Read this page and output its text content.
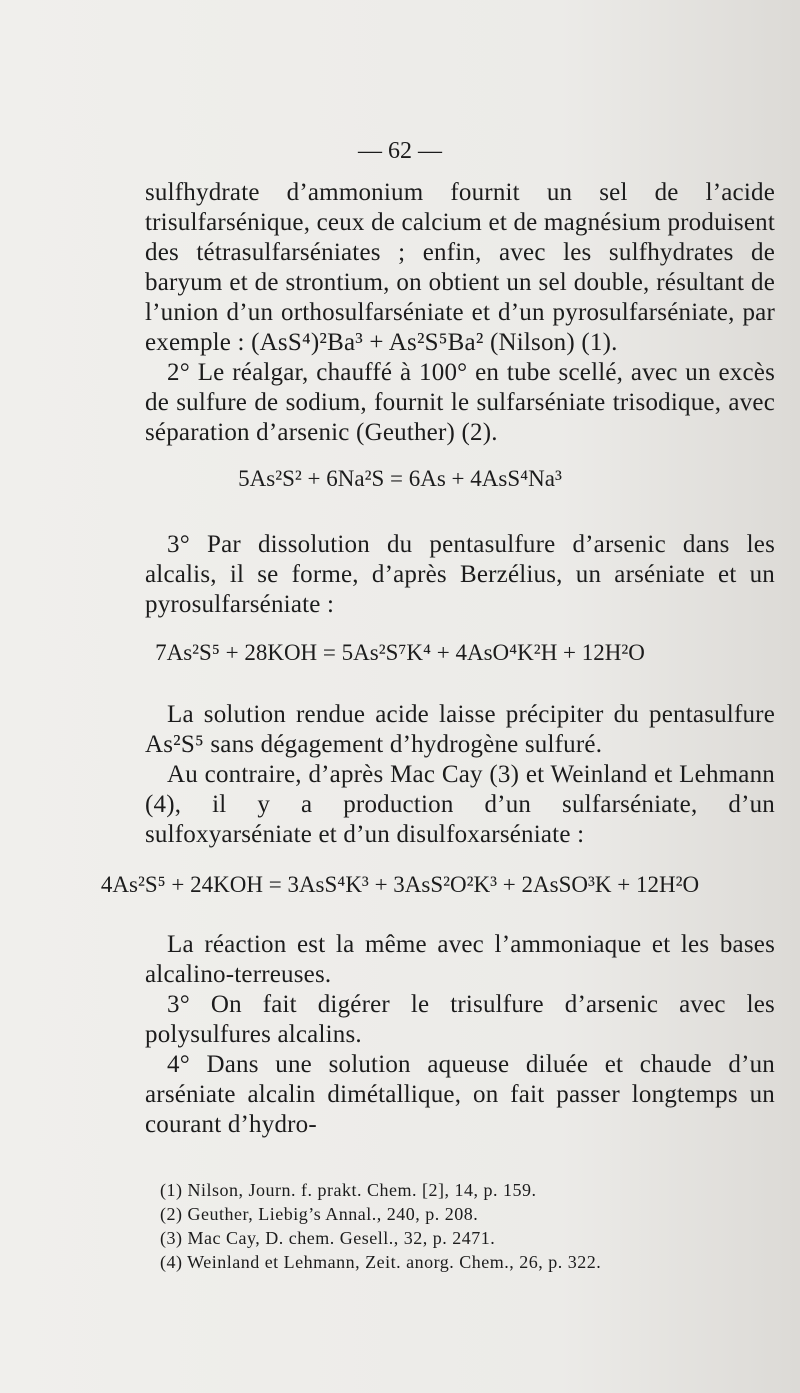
— 62 —

sulfhydrate d’ammonium fournit un sel de l’acide trisulfarsénique, ceux de calcium et de magnésium produisent des tétrasulfarséniates ; enfin, avec les sulfhydrates de baryum et de strontium, on obtient un sel double, résultant de l’union d’un orthosulfarséniate et d’un pyrosulfarséniate, par exemple : (AsS⁴)²Ba³ + As²S⁵Ba² (Nilson) (1).

2° Le réalgar, chauffé à 100° en tube scellé, avec un excès de sulfure de sodium, fournit le sulfarséniate trisodique, avec séparation d’arsenic (Geuther) (2).

5As²S² + 6Na²S = 6As + 4AsS⁴Na³

3° Par dissolution du pentasulfure d’arsenic dans les alcalis, il se forme, d’après Berzélius, un arséniate et un pyrosulfarséniate :

7As²S⁵ + 28KOH = 5As²S⁷K⁴ + 4AsO⁴K²H + 12H²O

La solution rendue acide laisse précipiter du pentasulfure As²S⁵ sans dégagement d’hydrogène sulfuré.

Au contraire, d’après Mac Cay (3) et Weinland et Lehmann (4), il y a production d’un sulfarséniate, d’un sulfoxyarséniate et d’un disulfoxarséniate :

4As²S⁵ + 24KOH = 3AsS⁴K³ + 3AsS²O²K³ + 2AsSO³K + 12H²O

La réaction est la même avec l’ammoniaque et les bases alcalino-terreuses.

3° On fait digérer le trisulfure d’arsenic avec les polysulfures alcalins.

4° Dans une solution aqueuse diluée et chaude d’un arséniate alcalin dimétallique, on fait passer longtemps un courant d’hydro-

(1) Nilson, Journ. f. prakt. Chem. [2], 14, p. 159.
(2) Geuther, Liebig’s Annal., 240, p. 208.
(3) Mac Cay, D. chem. Gesell., 32, p. 2471.
(4) Weinland et Lehmann, Zeit. anorg. Chem., 26, p. 322.
